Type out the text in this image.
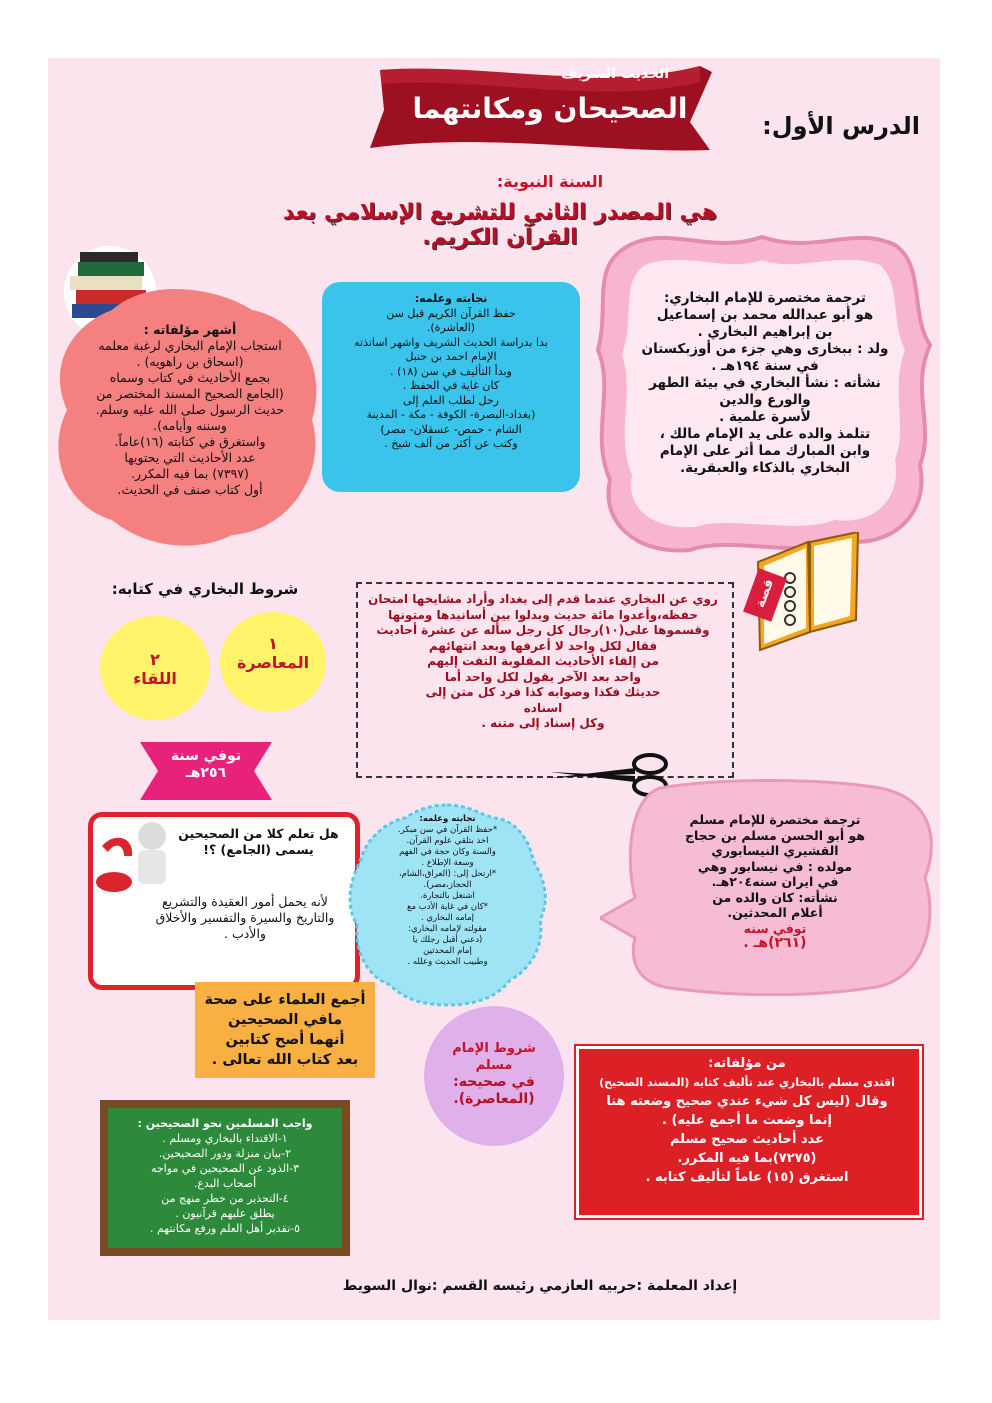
الحديث الشريف
الصحيحان ومكانتهما
الدرس الأول:
السنة النبوية:
هي المصدر الثاني للتشريع الإسلامي بعد القرآن الكريم.
أشهر مؤلفاته :
استجاب الإمام البخاري لرغبة معلمه
(اسحاق بن راهويه) .
بجمع الأحاديث في كتاب وسماه
(الجامع الصحيح المسند المختصر من
حديث الرسول صلى الله عليه وسلم.
وسننه وأيامه).
واستغرق في كتابته (١٦)عاماً.
عدد الأحاديث التي يحتويها
(٧٣٩٧) بما فيه المكرر.
أول كتاب صنف في الحديث.
نجابته وعلمه:
حفظ القرآن الكريم قبل سن
(العاشرة).
بدا بدراسة الحديث الشريف واشهر اساتذته
الإمام احمد بن حنبل
وبدأ التأليف في سن (١٨) .
كان غاية في الحفظ .
رحل لطلب العلم إلى
(بغداد-البصرة- الكوفة - مكة - المدينة
الشام - حمص- عسقلان- مصر)
وكتب عن أكثر من ألف شيخ .
ترجمة مختصرة للإمام البخاري:
هو أبو عبدالله محمد بن إسماعيل
بن إبراهيم البخاري .
ولد : ببخارى وهي جزء من أوزبكستان
في سنة ١٩٤هـ .
نشأته : نشأ البخاري في بيئة الطهر
والورع والدين
لأسرة علمية .
تتلمذ والده على يد الإمام مالك ،
وابن المبارك مما أثر على الإمام
البخاري بالذكاء والعبقرية.
شروط البخاري في كتابه:
١
المعاصرة
٢
اللقاء
توفي سنة
٢٥٦هـ
روي عن البخاري عندما قدم إلى بغداد وأراد مشايخها امتحان
حفظه،وأعدوا مائة حديث وبدلوا بين أسانيدها ومتونها
وقسموها على(١٠)رجال كل رجل سأله عن عشرة أحاديث
فقال لكل واحد لا أعرفها وبعد انتهائهم
من إلقاء الأحاديث المقلوبة التفت إليهم
واحد بعد الآخر يقول لكل واحد أما
حديثك فكذا وصوابه كذا فرد كل متن إلى
اسناده
وكل إسناد إلى متنه .
قصة
هل تعلم كلا من الصحيحين يسمى (الجامع) ؟!
لأنه يحمل أمور العقيدة والتشريع والتاريخ والسيرة والتفسير والأخلاق والأدب .
نجابته وعلمه:
*حفظ القرآن في سن مبكر.
اخذ بتلقي علوم القرآن.
والسنة وكان حجة في الفهم
وسعة الإطلاع .
*ارتحل إلى: (العراق،الشام،
الحجاز،مصر).
اشتغل بالتجارة.
*كان في غاية الأدب مع
إمامه البخاري .
مقولته لإمامه البخاري:
(دعني أقبل رجلك يا
إمام المحدثين
وطبيب الحديث وعلله .
ترجمة مختصرة للإمام مسلم
هو أبو الحسن مسلم بن حجاج
القشيري النيسابوري
مولده : في نيسابور وهي
في ايران سنه٢٠٤هـ.
نشأته: كان والده من
أعلام المحدثين.
توفي سنه
(٢٦١)هـ .
أجمع العلماء على صحة
مافي الصحيحين
أنهما أصح كتابين
بعد كتاب الله تعالى .
شروط الإمام
مسلم
في صحيحه:
(المعاصرة).
من مؤلفاته:
اقتدى مسلم بالبخاري عند تأليف كتابه (المسند الصحيح)
وقال (ليس كل شيء عندي صحيح وضعته هنا
إنما وضعت ما أجمع عليه) .
عدد أحاديث صحيح مسلم
(٧٢٧٥)بما فيه المكرر.
استغرق (١٥) عاماً لتأليف كتابه .
واجب المسلمين نحو الصحيحين :
١-الاقتداء بالبخاري ومسلم .
٢-بيان منزلة ودور الصحيحين.
٣-الذود عن الصحيحين في مواجه
أصحاب البدع.
٤-التحذير من خطر منهج من
يطلق عليهم قرآنيون .
٥-تقدير أهل العلم ورفع مكانتهم .
إعداد المعلمة :حربيه العازمي رئيسه القسم :نوال السويط
